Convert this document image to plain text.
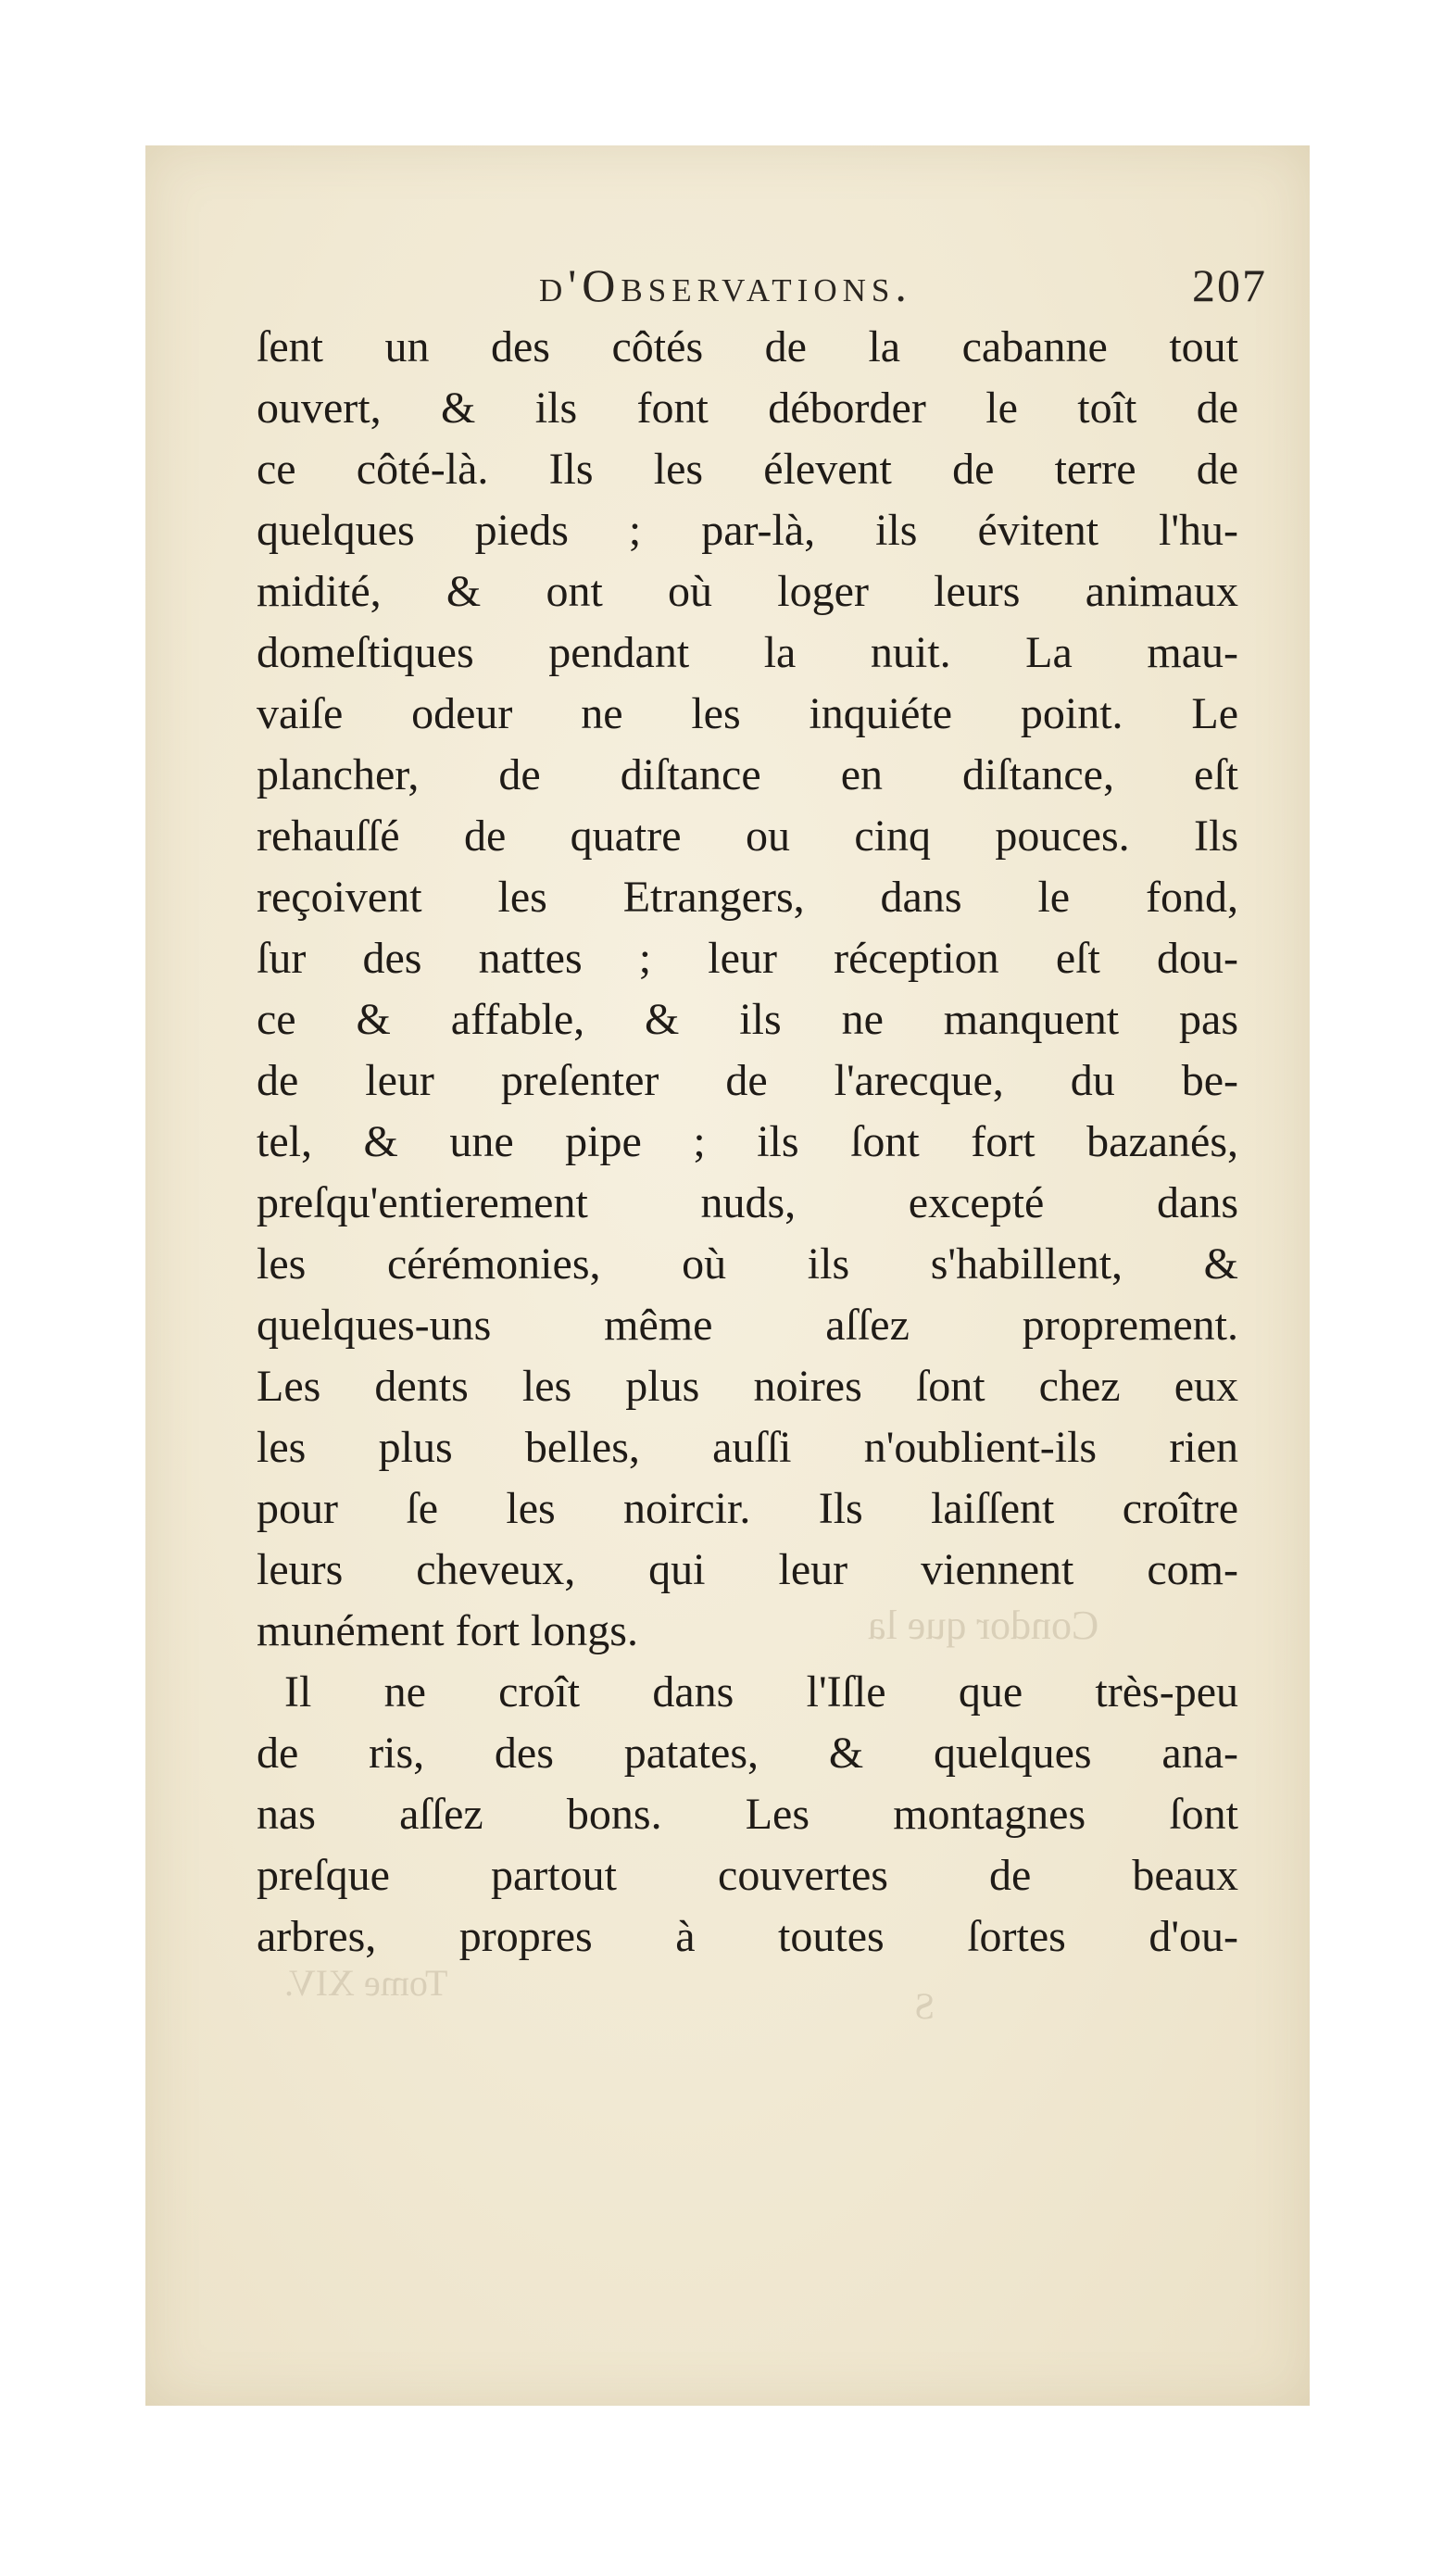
Condor que la
Tome XIV.
S
d'Observations.	207
ſent un des côtés de la cabanne tout
ouvert, & ils font déborder le toît de
ce côté-là. Ils les élevent de terre de
quelques pieds ; par-là, ils évitent l'hu-
midité, & ont où loger leurs animaux
domeſtiques pendant la nuit. La mau-
vaiſe odeur ne les inquiéte point. Le
plancher, de diſtance en diſtance, eſt
rehauſſé de quatre ou cinq pouces. Ils
reçoivent les Etrangers, dans le fond,
ſur des nattes ; leur réception eſt dou-
ce & affable, & ils ne manquent pas
de leur preſenter de l'arecque, du be-
tel, & une pipe ; ils ſont fort bazanés,
preſqu'entierement nuds, excepté dans
les cérémonies, où ils s'habillent, &
quelques-uns même aſſez proprement.
Les dents les plus noires ſont chez eux
les plus belles, auſſi n'oublient-ils rien
pour ſe les noircir. Ils laiſſent croître
leurs cheveux, qui leur viennent com-
munément fort longs.
Il ne croît dans l'Iſle que très-peu
de ris, des patates, & quelques ana-
nas aſſez bons. Les montagnes ſont
preſque partout couvertes de beaux
arbres, propres à toutes ſortes d'ou-
